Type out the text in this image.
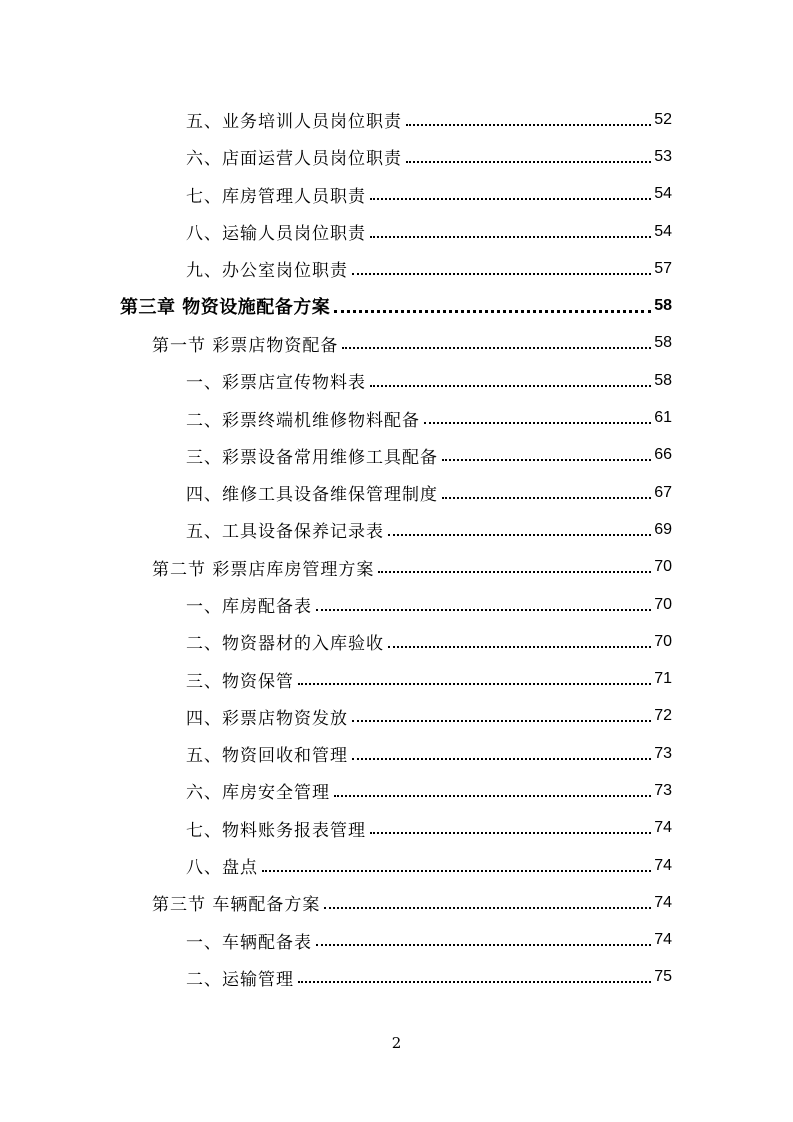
五、业务培训人员岗位职责	52
六、店面运营人员岗位职责	53
七、库房管理人员职责	54
八、运输人员岗位职责	54
九、办公室岗位职责	57
第三章 物资设施配备方案	58
第一节 彩票店物资配备	58
一、彩票店宣传物料表	58
二、彩票终端机维修物料配备	61
三、彩票设备常用维修工具配备	66
四、维修工具设备维保管理制度	67
五、工具设备保养记录表	69
第二节 彩票店库房管理方案	70
一、库房配备表	70
二、物资器材的入库验收	70
三、物资保管	71
四、彩票店物资发放	72
五、物资回收和管理	73
六、库房安全管理	73
七、物料账务报表管理	74
八、盘点	74
第三节 车辆配备方案	74
一、车辆配备表	74
二、运输管理	75
2
